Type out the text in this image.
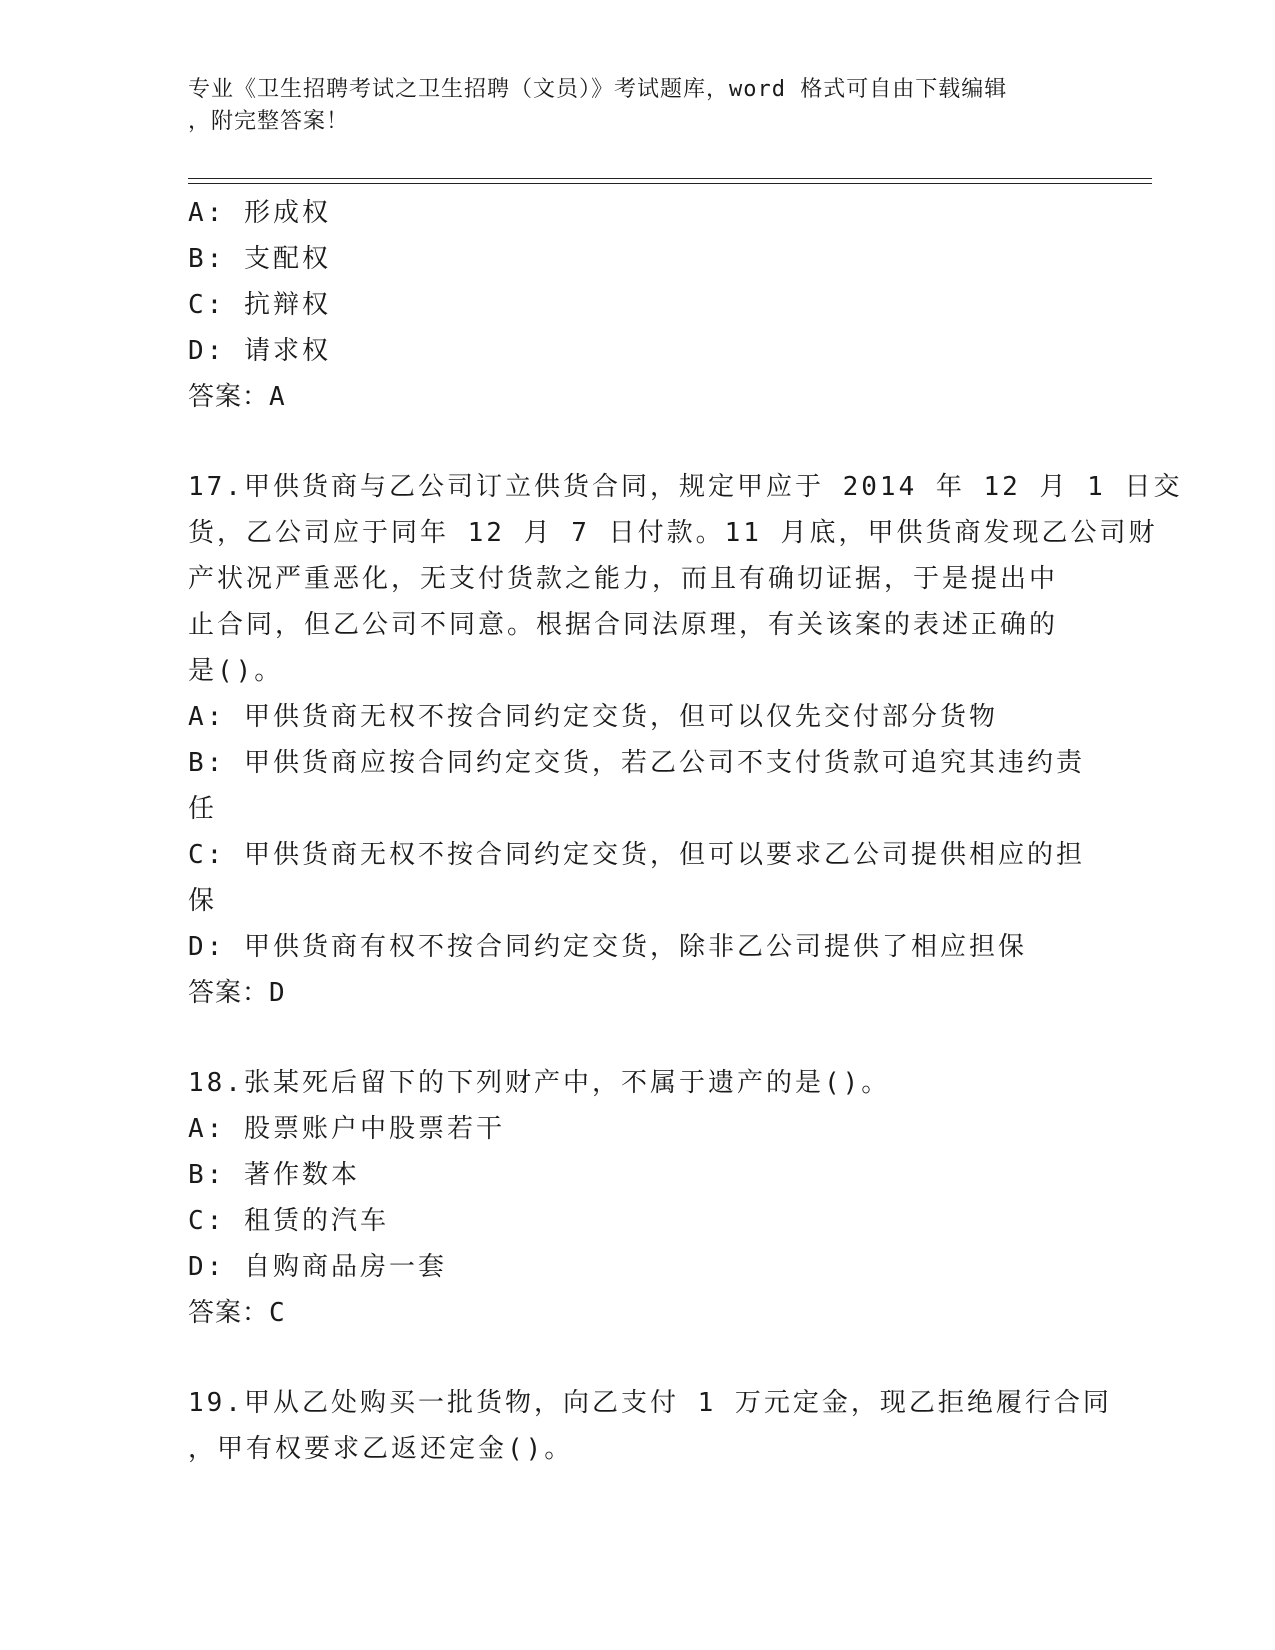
专业《卫生招聘考试之卫生招聘（文员）》考试题库，word 格式可自由下载编辑
，附完整答案！
A: 形成权
B: 支配权
C: 抗辩权
D: 请求权
答案：A
17.甲供货商与乙公司订立供货合同，规定甲应于 2014 年 12 月 1 日交
货，乙公司应于同年 12 月 7 日付款。11 月底，甲供货商发现乙公司财
产状况严重恶化，无支付货款之能力，而且有确切证据，于是提出中
止合同，但乙公司不同意。根据合同法原理，有关该案的表述正确的
是()。
A: 甲供货商无权不按合同约定交货，但可以仅先交付部分货物
B: 甲供货商应按合同约定交货，若乙公司不支付货款可追究其违约责
任
C: 甲供货商无权不按合同约定交货，但可以要求乙公司提供相应的担
保
D: 甲供货商有权不按合同约定交货，除非乙公司提供了相应担保
答案：D
18.张某死后留下的下列财产中，不属于遗产的是()。
A: 股票账户中股票若干
B: 著作数本
C: 租赁的汽车
D: 自购商品房一套
答案：C
19.甲从乙处购买一批货物，向乙支付 1 万元定金，现乙拒绝履行合同
，甲有权要求乙返还定金()。
